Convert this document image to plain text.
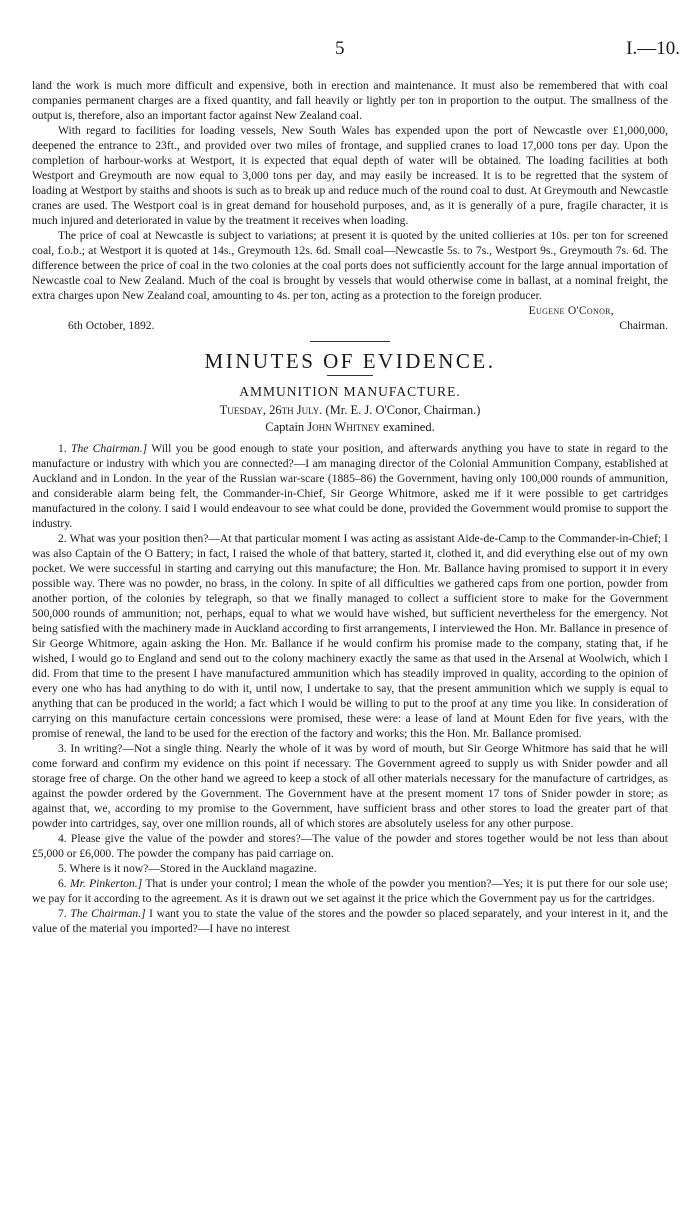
5	I.—10.

land the work is much more difficult and expensive, both in erection and maintenance. It must also be remembered that with coal companies permanent charges are a fixed quantity, and fall heavily or lightly per ton in proportion to the output. The smallness of the output is, therefore, also an important factor against New Zealand coal.

With regard to facilities for loading vessels, New South Wales has expended upon the port of Newcastle over £1,000,000, deepened the entrance to 23ft., and provided over two miles of frontage, and supplied cranes to load 17,000 tons per day. Upon the completion of harbour-works at Westport, it is expected that equal depth of water will be obtained. The loading facilities at both Westport and Greymouth are now equal to 3,000 tons per day, and may easily be increased. It is to be regretted that the system of loading at Westport by staiths and shoots is such as to break up and reduce much of the round coal to dust. At Greymouth and Newcastle cranes are used. The Westport coal is in great demand for household purposes, and, as it is generally of a pure, fragile character, it is much injured and deteriorated in value by the treatment it receives when loading.

The price of coal at Newcastle is subject to variations; at present it is quoted by the united collieries at 10s. per ton for screened coal, f.o.b.; at Westport it is quoted at 14s., Greymouth 12s. 6d. Small coal—Newcastle 5s. to 7s., Westport 9s., Greymouth 7s. 6d. The difference between the price of coal in the two colonies at the coal ports does not sufficiently account for the large annual importation of Newcastle coal to New Zealand. Much of the coal is brought by vessels that would otherwise come in ballast, at a nominal freight, the extra charges upon New Zealand coal, amounting to 4s. per ton, acting as a protection to the foreign producer.

Eugene O'Conor,
6th October, 1892.	Chairman.
MINUTES OF EVIDENCE.
AMMUNITION MANUFACTURE.
Tuesday, 26th July. (Mr. E. J. O'Conor, Chairman.)
Captain John Whitney examined.

1. The Chairman.] Will you be good enough to state your position, and afterwards anything you have to state in regard to the manufacture or industry with which you are connected?—I am managing director of the Colonial Ammunition Company, established at Auckland and in London. In the year of the Russian war-scare (1885–86) the Government, having only 100,000 rounds of ammunition, and considerable alarm being felt, the Commander-in-Chief, Sir George Whitmore, asked me if it were possible to get cartridges manufactured in the colony. I said I would endeavour to see what could be done, provided the Government would promise to support the industry.

2. What was your position then?—At that particular moment I was acting as assistant Aide-de-Camp to the Commander-in-Chief; I was also Captain of the O Battery; in fact, I raised the whole of that battery, started it, clothed it, and did everything else out of my own pocket. We were successful in starting and carrying out this manufacture; the Hon. Mr. Ballance having promised to support it in every possible way. There was no powder, no brass, in the colony. In spite of all difficulties we gathered caps from one portion, powder from another portion, of the colonies by telegraph, so that we finally managed to collect a sufficient store to make for the Government 500,000 rounds of ammunition; not, perhaps, equal to what we would have wished, but sufficient nevertheless for the emergency. Not being satisfied with the machinery made in Auckland according to first arrangements, I interviewed the Hon. Mr. Ballance in presence of Sir George Whitmore, again asking the Hon. Mr. Ballance if he would confirm his promise made to the company, stating that, if he wished, I would go to England and send out to the colony machinery exactly the same as that used in the Arsenal at Woolwich, which I did. From that time to the present I have manufactured ammunition which has steadily improved in quality, according to the opinion of every one who has had anything to do with it, until now, I undertake to say, that the present ammunition which we supply is equal to anything that can be produced in the world; a fact which I would be willing to put to the proof at any time you like. In consideration of carrying on this manufacture certain concessions were promised, these were: a lease of land at Mount Eden for five years, with the promise of renewal, the land to be used for the erection of the factory and works; this the Hon. Mr. Ballance promised.

3. In writing?—Not a single thing. Nearly the whole of it was by word of mouth, but Sir George Whitmore has said that he will come forward and confirm my evidence on this point if necessary. The Government agreed to supply us with Snider powder and all storage free of charge. On the other hand we agreed to keep a stock of all other materials necessary for the manufacture of cartridges, as against the powder ordered by the Government. The Government have at the present moment 17 tons of Snider powder in store; as against that, we, according to my promise to the Government, have sufficient brass and other stores to load the greater part of that powder into cartridges, say, over one million rounds, all of which stores are absolutely useless for any other purpose.

4. Please give the value of the powder and stores?—The value of the powder and stores together would be not less than about £5,000 or £6,000. The powder the company has paid carriage on.

5. Where is it now?—Stored in the Auckland magazine.

6. Mr. Pinkerton.] That is under your control; I mean the whole of the powder you mention?—Yes; it is put there for our sole use; we pay for it according to the agreement. As it is drawn out we set against it the price which the Government pay us for the cartridges.

7. The Chairman.] I want you to state the value of the stores and the powder so placed separately, and your interest in it, and the value of the material you imported?—I have no interest
